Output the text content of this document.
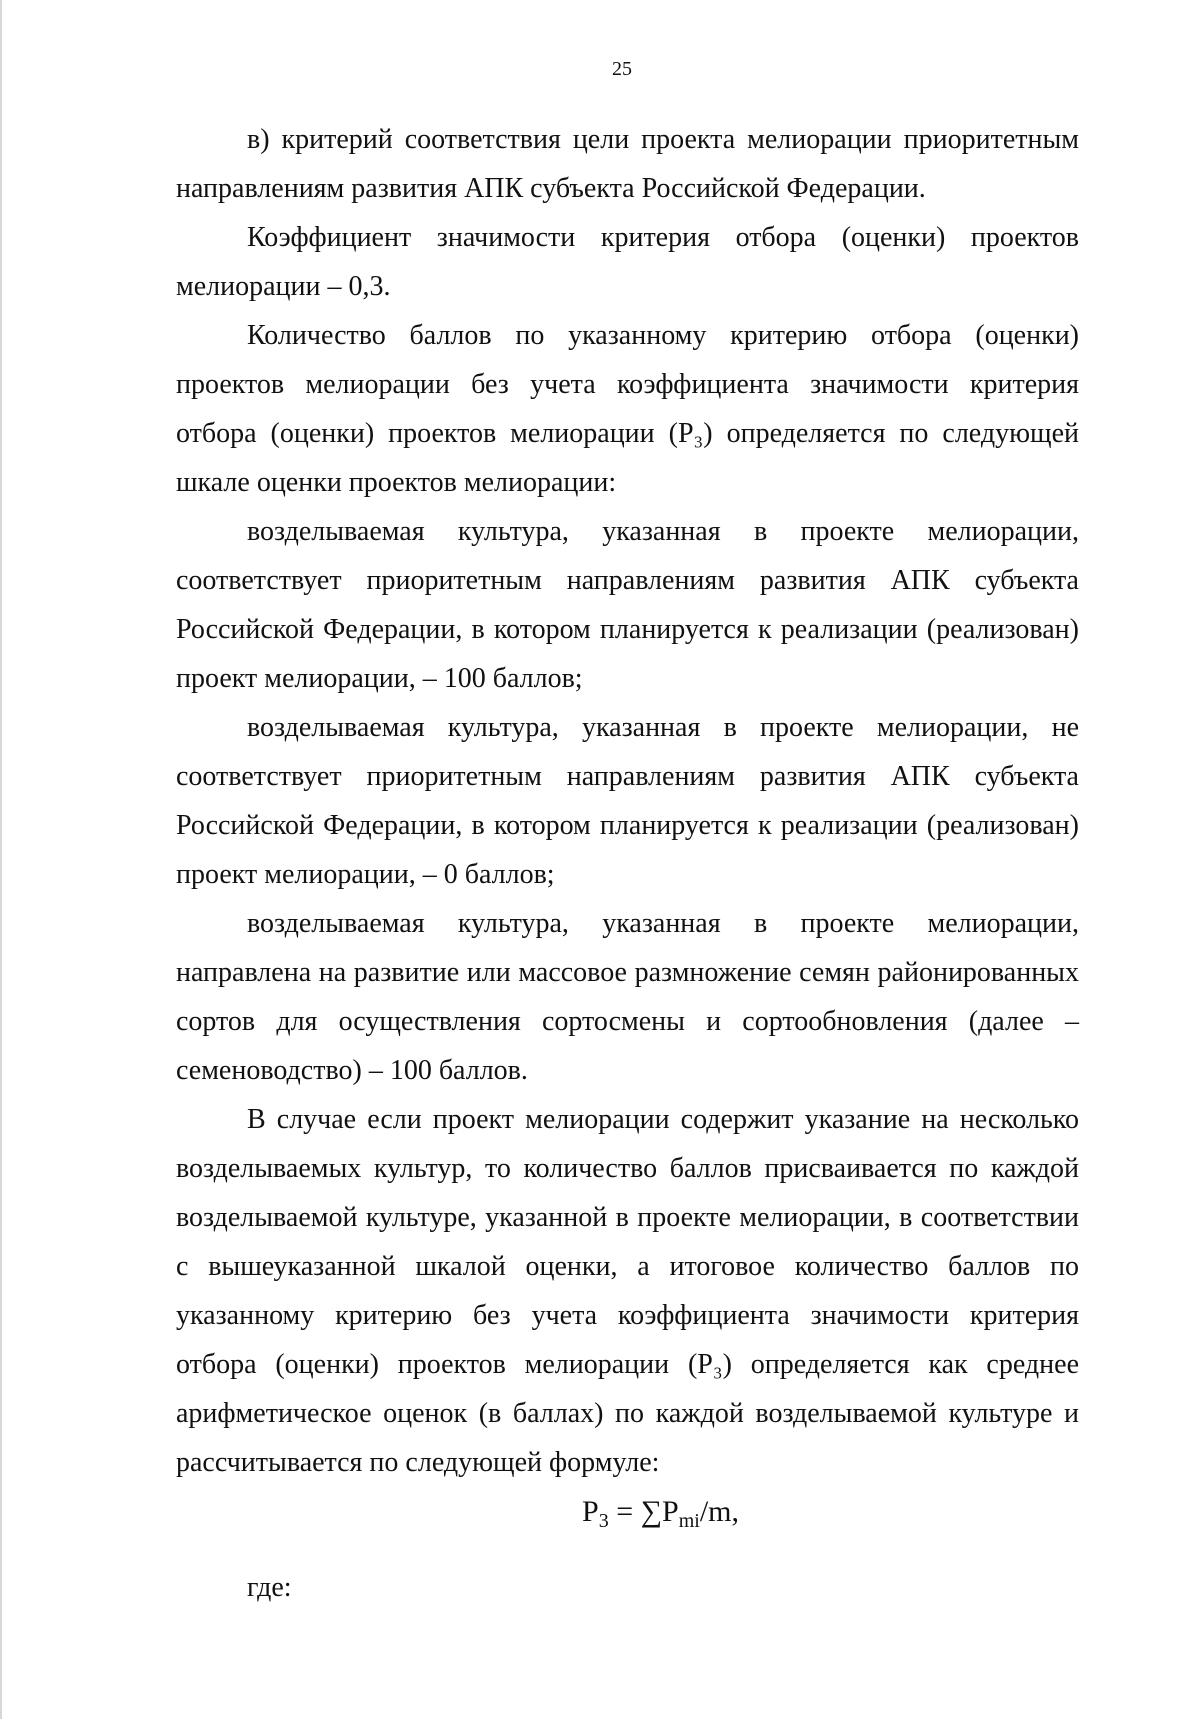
25

в) критерий соответствия цели проекта мелиорации приоритетным направлениям развития АПК субъекта Российской Федерации.

Коэффициент значимости критерия отбора (оценки) проектов мелиорации – 0,3.

Количество баллов по указанному критерию отбора (оценки) проектов мелиорации без учета коэффициента значимости критерия отбора (оценки) проектов мелиорации (Р₃) определяется по следующей шкале оценки проектов мелиорации:

возделываемая культура, указанная в проекте мелиорации, соответствует приоритетным направлениям развития АПК субъекта Российской Федерации, в котором планируется к реализации (реализован) проект мелиорации, – 100 баллов;

возделываемая культура, указанная в проекте мелиорации, не соответствует приоритетным направлениям развития АПК субъекта Российской Федерации, в котором планируется к реализации (реализован) проект мелиорации, – 0 баллов;

возделываемая культура, указанная в проекте мелиорации, направлена на развитие или массовое размножение семян районированных сортов для осуществления сортосмены и сортообновления (далее – семеноводство) – 100 баллов.

В случае если проект мелиорации содержит указание на несколько возделываемых культур, то количество баллов присваивается по каждой возделываемой культуре, указанной в проекте мелиорации, в соответствии с вышеуказанной шкалой оценки, а итоговое количество баллов по указанному критерию без учета коэффициента значимости критерия отбора (оценки) проектов мелиорации (Р₃) определяется как среднее арифметическое оценок (в баллах) по каждой возделываемой культуре и рассчитывается по следующей формуле:

$Р_3 = \sum Р_{mi}/m$,

где:
